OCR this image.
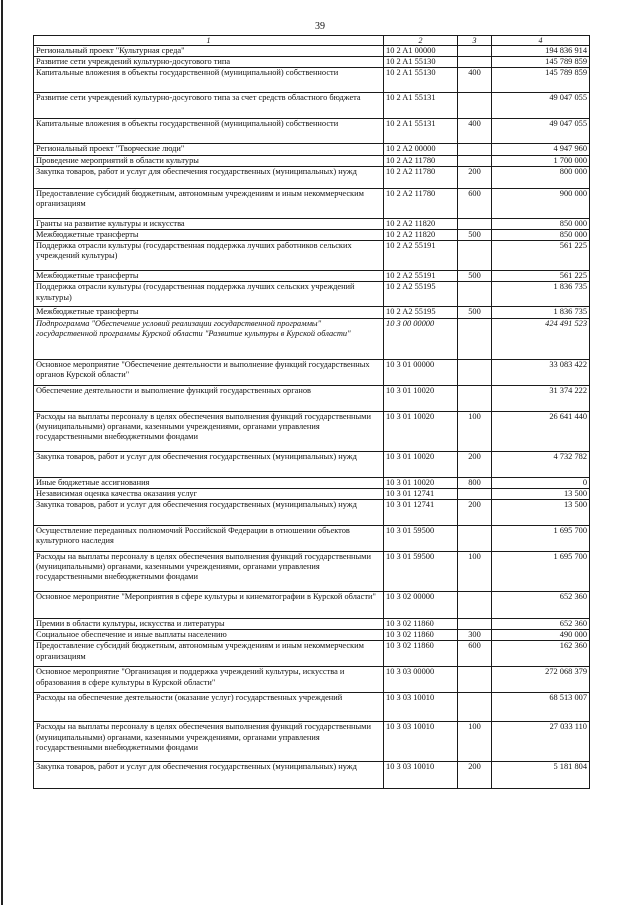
39
1	2	3	4
Региональный проект "Культурная среда"	10 2 A1 00000		194 836 914
Развитие сети учреждений культурно-досугового типа	10 2 A1 55130		145 789 859
Капитальные вложения в объекты государственной (муниципальной) собственности	10 2 A1 55130	400	145 789 859
Развитие сети учреждений культурно-досугового типа за счет средств областного бюджета	10 2 A1 55131		49 047 055
Капитальные вложения в объекты государственной (муниципальной) собственности	10 2 A1 55131	400	49 047 055
Региональный проект "Творческие люди"	10 2 A2 00000		4 947 960
Проведение мероприятий в области культуры	10 2 A2 11780		1 700 000
Закупка товаров, работ и услуг для обеспечения государственных (муниципальных) нужд	10 2 A2 11780	200	800 000
Предоставление субсидий бюджетным, автономным учреждениям и иным некоммерческим организациям	10 2 A2 11780	600	900 000
Гранты на развитие культуры и искусства	10 2 A2 11820		850 000
Межбюджетные трансферты	10 2 A2 11820	500	850 000
Поддержка отрасли культуры (государственная поддержка лучших работников сельских учреждений культуры)	10 2 A2 55191		561 225
Межбюджетные трансферты	10 2 A2 55191	500	561 225
Поддержка отрасли культуры (государственная поддержка лучших сельских учреждений культуры)	10 2 A2 55195		1 836 735
Межбюджетные трансферты	10 2 A2 55195	500	1 836 735
Подпрограмма "Обеспечение условий реализации государственной программы" государственной программы Курской области "Развитие культуры в Курской области"	10 3 00 00000		424 491 523
Основное мероприятие "Обеспечение деятельности и выполнение функций государственных органов Курской области"	10 3 01 00000		33 083 422
Обеспечение деятельности и выполнение функций государственных органов	10 3 01 10020		31 374 222
Расходы на выплаты персоналу в целях обеспечения выполнения функций государственными (муниципальными) органами, казенными учреждениями, органами управления государственными внебюджетными фондами	10 3 01 10020	100	26 641 440
Закупка товаров, работ и услуг для обеспечения государственных (муниципальных) нужд	10 3 01 10020	200	4 732 782
Иные бюджетные ассигнования	10 3 01 10020	800	0
Независимая оценка качества оказания услуг	10 3 01 12741		13 500
Закупка товаров, работ и услуг для обеспечения государственных (муниципальных) нужд	10 3 01 12741	200	13 500
Осуществление переданных полномочий Российской Федерации в отношении объектов культурного наследия	10 3 01 59500		1 695 700
Расходы на выплаты персоналу в целях обеспечения выполнения функций государственными (муниципальными) органами, казенными учреждениями, органами управления государственными внебюджетными фондами	10 3 01 59500	100	1 695 700
Основное мероприятие "Мероприятия в сфере культуры и кинематографии в Курской области"	10 3 02 00000		652 360
Премии в области культуры, искусства и литературы	10 3 02 11860		652 360
Социальное обеспечение и иные выплаты населению	10 3 02 11860	300	490 000
Предоставление субсидий бюджетным, автономным учреждениям и иным некоммерческим организациям	10 3 02 11860	600	162 360
Основное мероприятие "Организация и поддержка учреждений культуры, искусства и образования в сфере культуры в Курской области"	10 3 03 00000		272 068 379
Расходы на обеспечение деятельности (оказание услуг) государственных учреждений	10 3 03 10010		68 513 007
Расходы на выплаты персоналу в целях обеспечения выполнения функций государственными (муниципальными) органами, казенными учреждениями, органами управления государственными внебюджетными фондами	10 3 03 10010	100	27 033 110
Закупка товаров, работ и услуг для обеспечения государственных (муниципальных) нужд	10 3 03 10010	200	5 181 804
